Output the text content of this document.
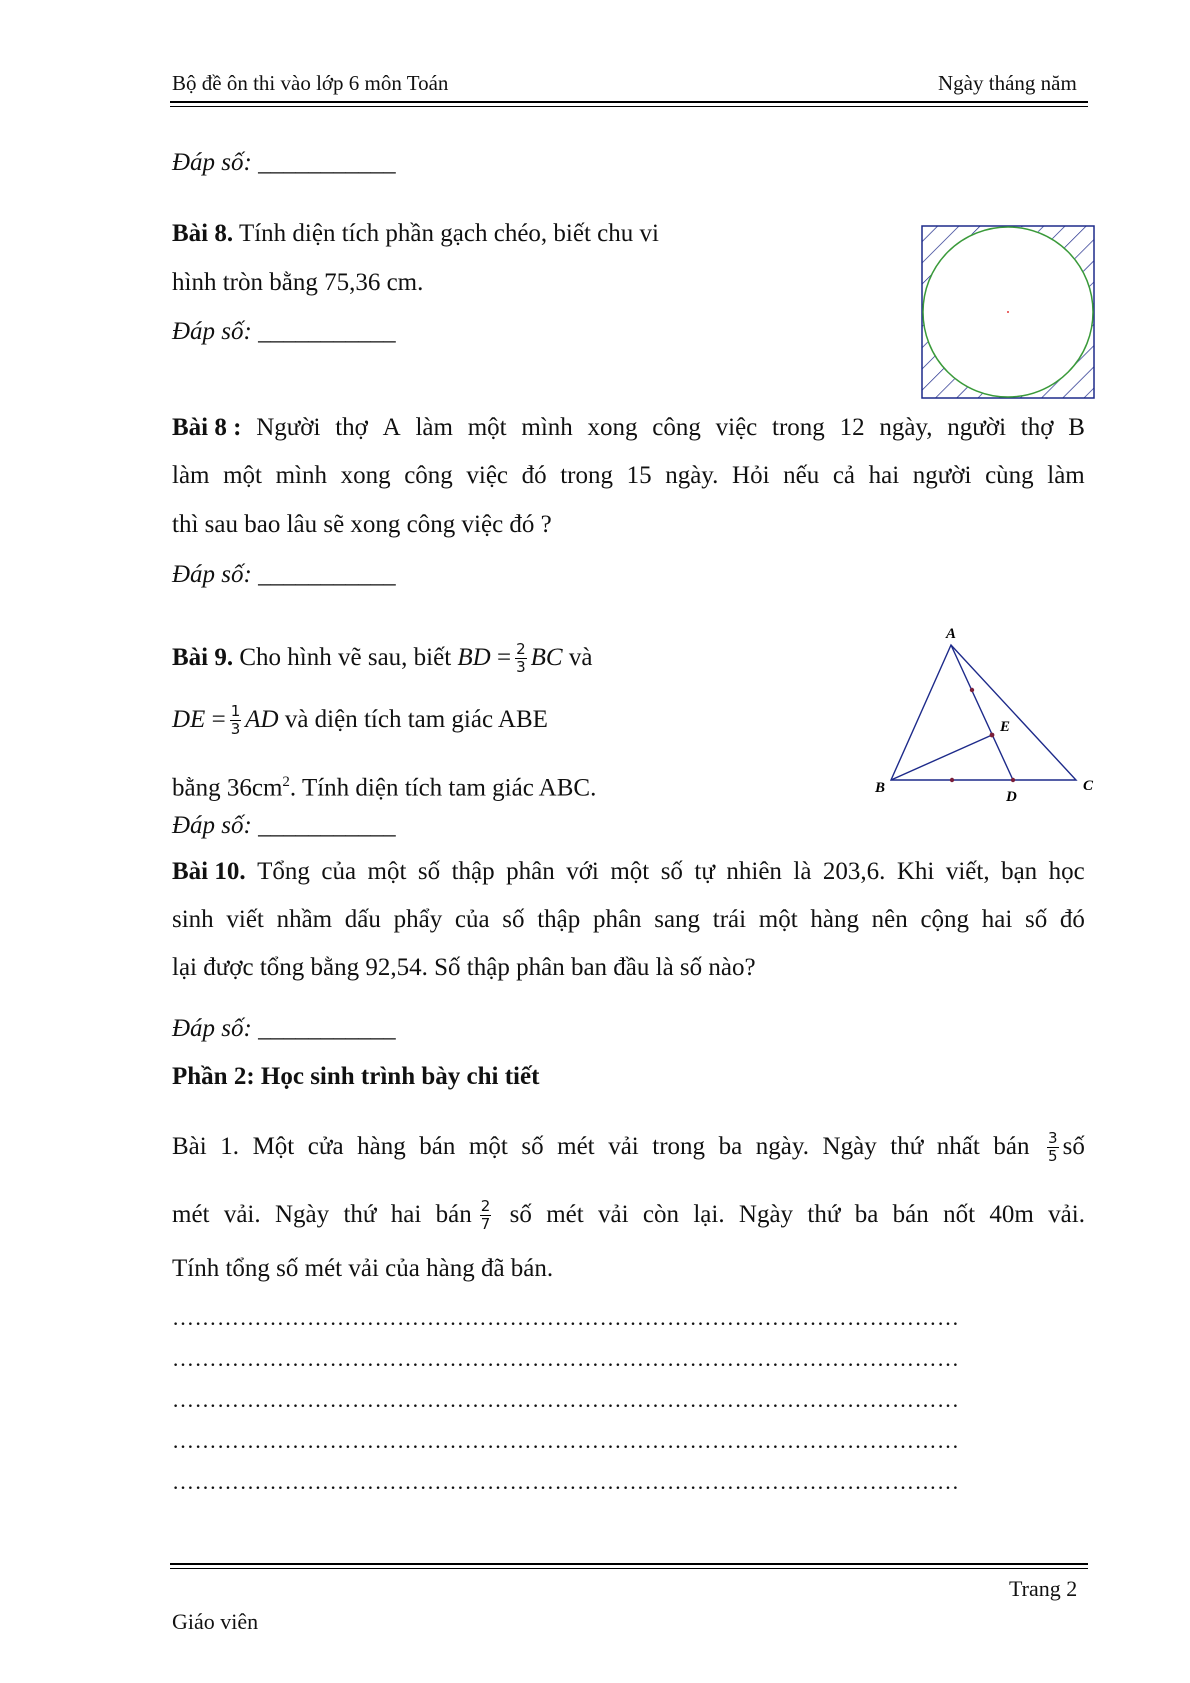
Bộ đề ôn thi vào lớp 6 môn Toán	Ngày tháng năm
Đáp số: ___________
Bài 8. Tính diện tích phần gạch chéo, biết chu vi
hình tròn bằng 75,36 cm.
Đáp số: ___________
Bài 8 : Người thợ A làm một mình xong công việc trong 12 ngày, người thợ B
làm một mình xong công việc đó trong 15 ngày. Hỏi nếu cả hai người cùng làm
thì sau bao lâu sẽ xong công việc đó ?
Đáp số: ___________
Bài 9.
Cho hình vẽ sau, biết
BD
= $\frac{2}{3}$ BC
và
DE
= $\frac{1}{3}$ AD
và diện tích tam giác ABE
bằng $36cm^2$. Tính diện tích tam giác ABC.
Đáp số: ___________
A
B	C
D
E
Bài 10. Tổng của một số thập phân với một số tự nhiên là 203,6. Khi viết, bạn học
sinh viết nhầm dấu phẩy của số thập phân sang trái một hàng nên cộng hai số đó
lại được tổng bằng 92,54. Số thập phân ban đầu là số nào?
Đáp số: ___________
Phần 2: Học sinh trình bày chi tiết
Bài 1. Một cửa hàng bán một số mét vải trong ba ngày. Ngày thứ nhất bán $\frac{3}{5}$ số
mét vải. Ngày thứ hai bán $\frac{2}{7}$ số mét vải còn lại. Ngày thứ ba bán nốt 40m vải.
Tính tổng số mét vải của hàng đã bán.
……………………………………………………………………………………………
……………………………………………………………………………………………
……………………………………………………………………………………………
……………………………………………………………………………………………
……………………………………………………………………………………………
Trang 2
Giáo viên
